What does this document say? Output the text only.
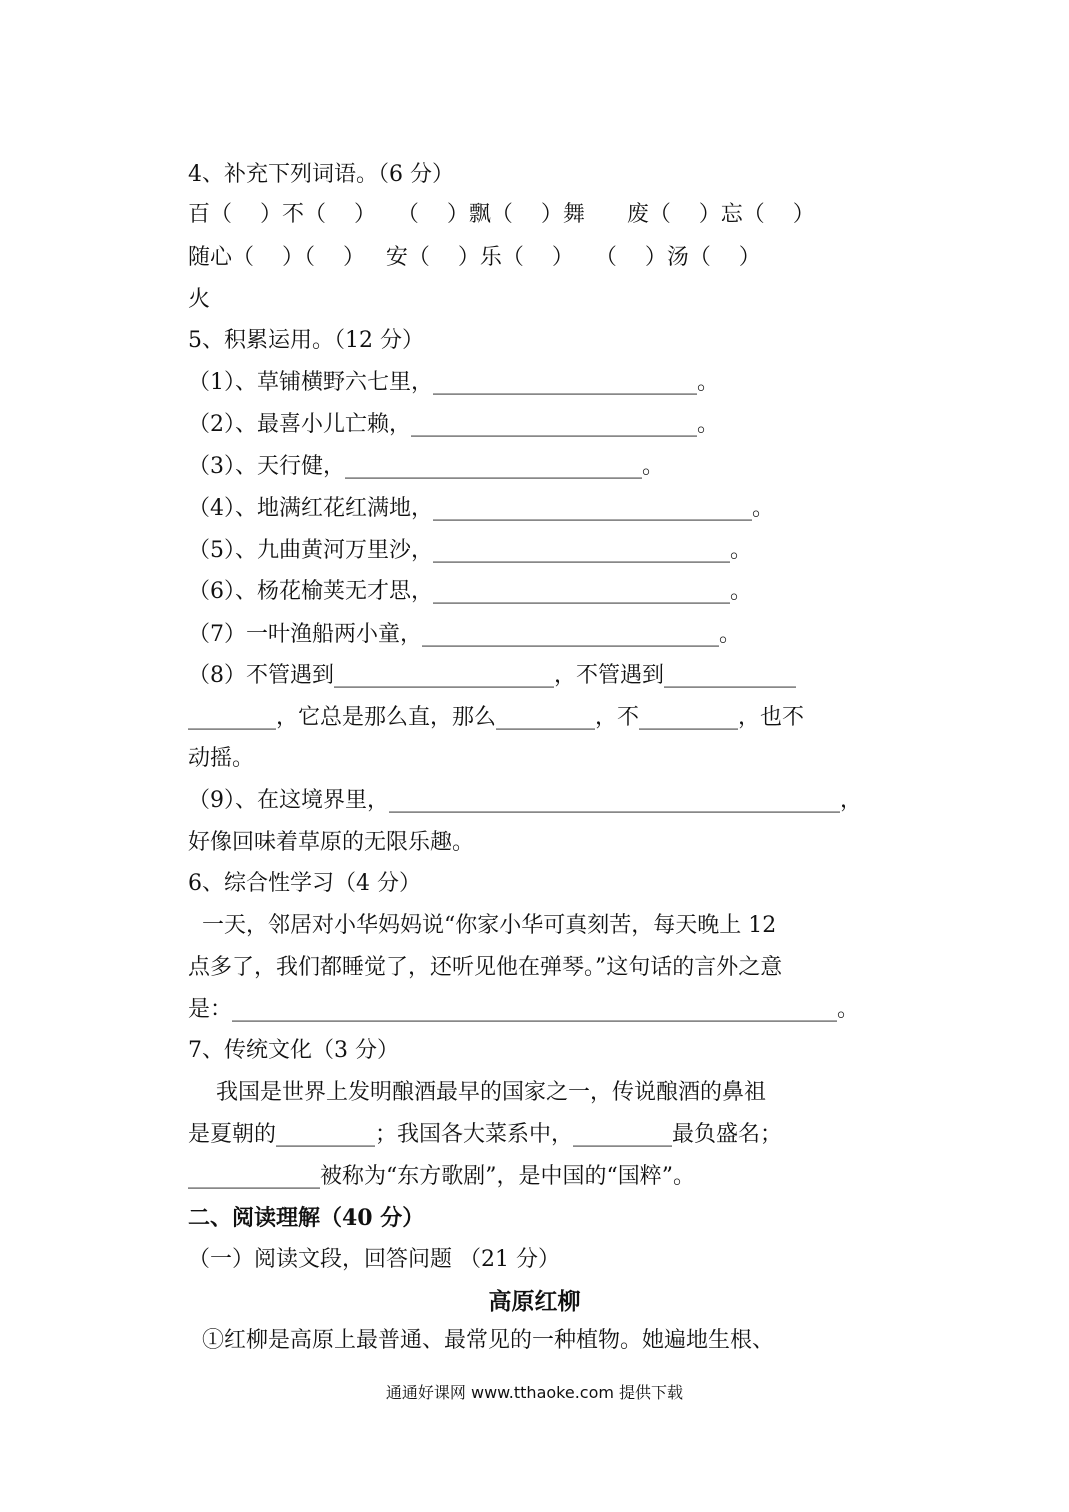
4、补充下列词语。（6 分）
百（    ）不（    ）   （    ）飘（    ）舞      废（    ）忘（    ）
随心（    ）（    ）   安（    ）乐（    ）   （    ）汤（    ）
火
5、积累运用。（12 分）
（1）、草铺横野六七里，________________________。
（2）、最喜小儿亡赖，__________________________。
（3）、天行健，___________________________。
（4）、地满红花红满地，_____________________________。
（5）、九曲黄河万里沙，___________________________。
（6）、杨花榆荚无才思，___________________________。
（7）一叶渔船两小童，___________________________。
（8）不管遇到____________________，不管遇到____________
________，它总是那么直，那么_________，不_________，也不
动摇。
（9）、在这境界里，_________________________________________，
好像回味着草原的无限乐趣。
6、综合性学习（4 分）
一天，邻居对小华妈妈说“你家小华可真刻苦，每天晚上 12
点多了，我们都睡觉了，还听见他在弹琴。”这句话的言外之意
是：_______________________________________________________。
7、传统文化（3 分）
我国是世界上发明酿酒最早的国家之一，传说酿酒的鼻祖
是夏朝的_________；我国各大菜系中，_________最负盛名；
____________被称为“东方歌剧”，是中国的“国粹”。
二、阅读理解（40 分）
（一）阅读文段，回答问题 （21 分）
高原红柳
①红柳是高原上最普通、最常见的一种植物。她遍地生根、
通通好课网 www.tthaoke.com 提供下载
